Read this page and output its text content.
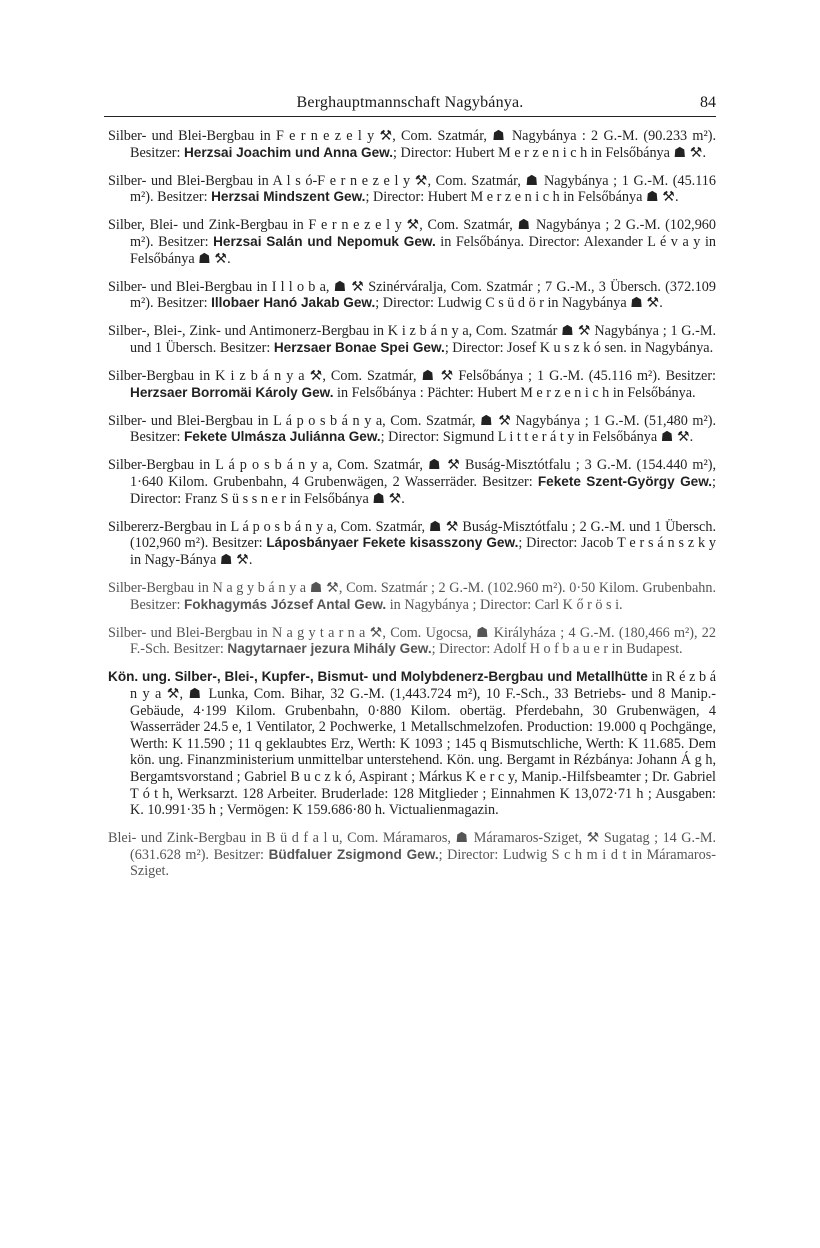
Berghauptmannschaft Nagybánya.	84

Silber- und Blei-Bergbau in F e r n e z e l y ⚒, Com. Szatmár, ☗ Nagybánya : 2 G.-M. (90.233 m²). Besitzer: Herzsai Joachim und Anna Gew.; Director: Hubert M e r z e n i c h in Felsőbánya ☗ ⚒.

Silber- und Blei-Bergbau in A l s ó-F e r n e z e l y ⚒, Com. Szatmár, ☗ Nagybánya ; 1 G.-M. (45.116 m²). Besitzer: Herzsai Mindszent Gew.; Director: Hubert M e r z e n i c h in Felsőbánya ☗ ⚒.

Silber, Blei- und Zink-Bergbau in F e r n e z e l y ⚒, Com. Szatmár, ☗ Nagybánya ; 2 G.-M. (102,960 m²). Besitzer: Herzsai Salán und Nepomuk Gew. in Felsőbánya. Director: Alexander L é v a y in Felsőbánya ☗ ⚒.

Silber- und Blei-Bergbau in I l l o b a, ☗ ⚒ Szinérváralja, Com. Szatmár ; 7 G.-M., 3 Übersch. (372.109 m²). Besitzer: Illobaer Hanó Jakab Gew.; Director: Ludwig C s ü d ö r in Nagybánya ☗ ⚒.

Silber-, Blei-, Zink- und Antimonerz-Bergbau in K i z b á n y a, Com. Szatmár ☗ ⚒ Nagybánya ; 1 G.-M. und 1 Übersch. Besitzer: Herzsaer Bonae Spei Gew.; Director: Josef K u s z k ó sen. in Nagybánya.

Silber-Bergbau in K i z b á n y a ⚒, Com. Szatmár, ☗ ⚒ Felsőbánya ; 1 G.-M. (45.116 m²). Besitzer: Herzsaer Borromäi Károly Gew. in Felsőbánya : Pächter: Hubert M e r z e n i c h in Felsőbánya.

Silber- und Blei-Bergbau in L á p o s b á n y a, Com. Szatmár, ☗ ⚒ Nagybánya ; 1 G.-M. (51,480 m²). Besitzer: Fekete Ulmásza Juliánna Gew.; Director: Sigmund L i t t e r á t y in Felsőbánya ☗ ⚒.

Silber-Bergbau in L á p o s b á n y a, Com. Szatmár, ☗ ⚒ Buság-Misztótfalu ; 3 G.-M. (154.440 m²), 1·640 Kilom. Grubenbahn, 4 Grubenwägen, 2 Wasserräder. Besitzer: Fekete Szent-György Gew.; Director: Franz S ü s s n e r in Felsőbánya ☗ ⚒.

Silbererz-Bergbau in L á p o s b á n y a, Com. Szatmár, ☗ ⚒ Buság-Misztótfalu ; 2 G.-M. und 1 Übersch. (102,960 m²). Besitzer: Láposbányaer Fekete kisasszony Gew.; Director: Jacob T e r s á n s z k y in Nagy-Bánya ☗ ⚒.

Silber-Bergbau in N a g y b á n y a ☗ ⚒, Com. Szatmár ; 2 G.-M. (102.960 m²). 0·50 Kilom. Grubenbahn. Besitzer: Fokhagymás József Antal Gew. in Nagybánya ; Director: Carl K ő r ö s i.

Silber- und Blei-Bergbau in N a g y t a r n a ⚒, Com. Ugocsa, ☗ Királyháza ; 4 G.-M. (180,466 m²), 22 F.-Sch. Besitzer: Nagytarnaer jezura Mihály Gew.; Director: Adolf H o f b a u e r in Budapest.

Kön. ung. Silber-, Blei-, Kupfer-, Bismut- und Molybdenerz-Bergbau und Metallhütte in R é z b á n y a ⚒, ☗ Lunka, Com. Bihar, 32 G.-M. (1,443.724 m²), 10 F.-Sch., 33 Betriebs- und 8 Manip.-Gebäude, 4·199 Kilom. Grubenbahn, 0·880 Kilom. obertäg. Pferdebahn, 30 Grubenwägen, 4 Wasserräder 24.5 e, 1 Ventilator, 2 Pochwerke, 1 Metallschmelzofen. Production: 19.000 q Pochgänge, Werth: K 11.590 ; 11 q geklaubtes Erz, Werth: K 1093 ; 145 q Bismutschliche, Werth: K 11.685. Dem kön. ung. Finanzministerium unmittelbar unterstehend. Kön. ung. Bergamt in Rézbánya: Johann Á g h, Bergamtsvorstand ; Gabriel B u c z k ó, Aspirant ; Márkus K e r c y, Manip.-Hilfsbeamter ; Dr. Gabriel T ó t h, Werksarzt. 128 Arbeiter. Bruderlade: 128 Mitglieder ; Einnahmen K 13,072·71 h ; Ausgaben: K. 10.991·35 h ; Vermögen: K 159.686·80 h. Victualienmagazin.

Blei- und Zink-Bergbau in B ü d f a l u, Com. Máramaros, ☗ Máramaros-Sziget, ⚒ Sugatag ; 14 G.-M. (631.628 m²). Besitzer: Büdfaluer Zsigmond Gew.; Director: Ludwig S c h m i d t in Máramaros-Sziget.
